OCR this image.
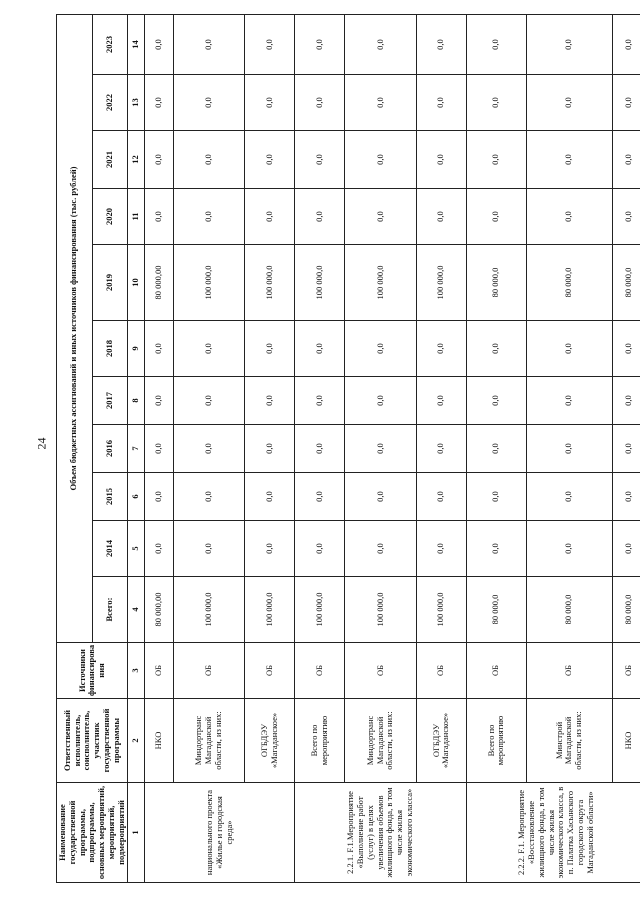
24
Наименование государственной программы, подпрограммы, основных мероприятий, мероприятий, подмероприятий	Ответственный исполнитель, соисполнитель, участник государственной программы	Источники финансирова ния	Объем бюджетных ассигнований и иных источников финансирования (тыс. рублей)										
			Всего:	2014	2015	2016	2017	2018	2019	2020	2021	2022	2023
1	2	3	4	5	6	7	8	9	10	11	12	13	14
национального проекта «Жилье и городская среда»	НКО	ОБ	80 000,00	0,0	0,0	0,0	0,0	0,0	80 000,00	0,0	0,0	0,0	0,0
	Миндортранс Магаданской области, из них:	ОБ	100 000,0	0,0	0,0	0,0	0,0	0,0	100 000,0	0,0	0,0	0,0	0,0
	ОГБДЭУ «Магаданское»	ОБ	100 000,0	0,0	0,0	0,0	0,0	0,0	100 000,0	0,0	0,0	0,0	0,0
2.2.1. F.1.Мероприятие «Выполнение работ (услуг) в целях увеличения объемов жилищного фонда, в том числе жилья экономического класса»	Всего по мероприятию	ОБ	100 000,0	0,0	0,0	0,0	0,0	0,0	100 000,0	0,0	0,0	0,0	0,0
	Миндортранс Магаданской области, из них:	ОБ	100 000,0	0,0	0,0	0,0	0,0	0,0	100 000,0	0,0	0,0	0,0	0,0
	ОГБДЭУ «Магаданское»	ОБ	100 000,0	0,0	0,0	0,0	0,0	0,0	100 000,0	0,0	0,0	0,0	0,0
2.2.2. F.1. Мероприятие «Восстановление жилищного фонда, в том числе жилья экономического класса, в п. Палатка Хасынского городского округа Магаданской области»	Всего по мероприятию	ОБ	80 000,0	0,0	0,0	0,0	0,0	0,0	80 000,0	0,0	0,0	0,0	0,0
	Минстрой Магаданской области, из них:	ОБ	80 000,0	0,0	0,0	0,0	0,0	0,0	80 000,0	0,0	0,0	0,0	0,0
	НКО	ОБ	80 000,0	0,0	0,0	0,0	0,0	0,0	80 000,0	0,0	0,0	0,0	0,0
